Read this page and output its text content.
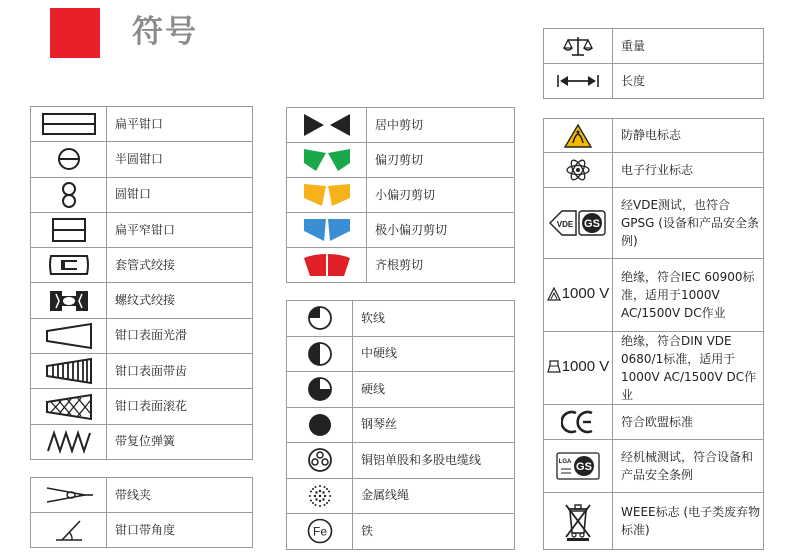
符号
	扁平钳口

	半圆钳口

	圆钳口

	扁平窄钳口

	套管式绞接

	螺纹式绞接

	钳口表面光滑

	钳口表面带齿

	钳口表面滚花

	带复位弹簧
	带线夹

	钳口带角度
	居中剪切

	偏刃剪切

	小偏刃剪切

	极小偏刃剪切

	齐根剪切
	软线

	中硬线

	硬线

	钢琴丝

	铜铝单股和多股电缆线

	金属线绳

Fe	铁
	重量

	长度
	防静电标志

	电子行业标志

VDE GS	经VDE测试，也符合GPSG (设备和产品安全条例)

1000 V	绝缘，符合IEC 60900标准，适用于1000V AC/1500V DC作业

1000 V	绝缘，符合DIN VDE 0680/1标准，适用于1000V AC/1500V DC作业

	符合欧盟标准

LGA GS	经机械测试，符合设备和产品安全条例

	WEEE标志 (电子类废弃物标准)
